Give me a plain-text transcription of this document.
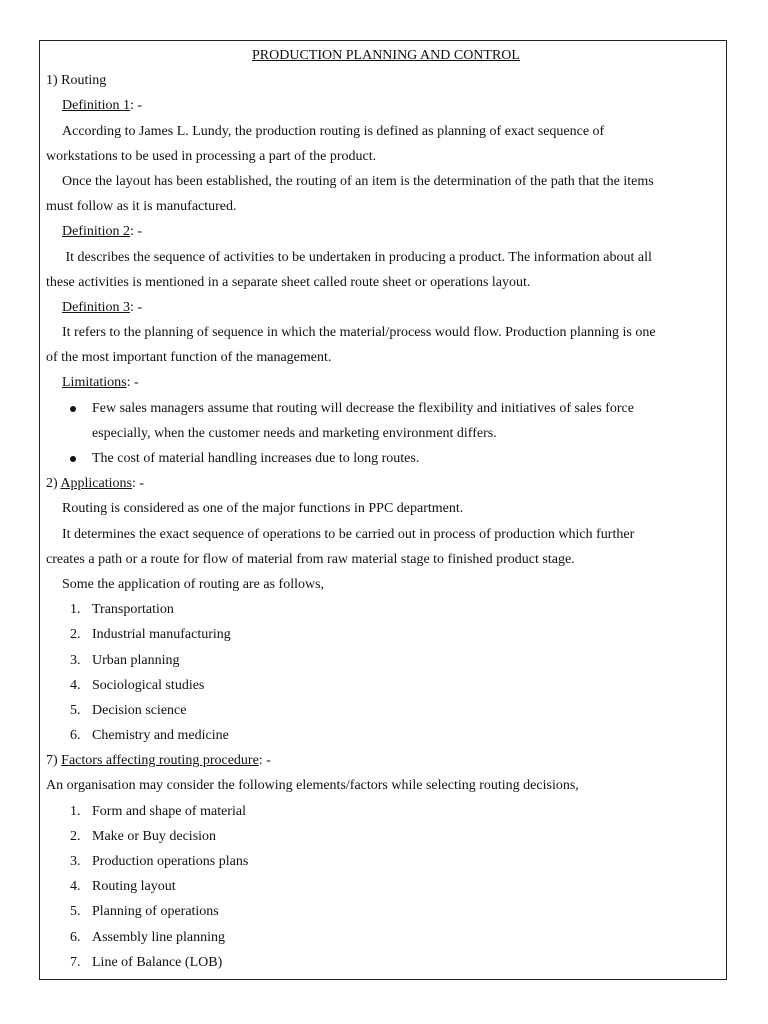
PRODUCTION PLANNING AND CONTROL
1) Routing
Definition 1: -
According to James L. Lundy, the production routing is defined as planning of exact sequence of
workstations to be used in processing a part of the product.
Once the layout has been established, the routing of an item is the determination of the path that the items
must follow as it is manufactured.
Definition 2: -
It describes the sequence of activities to be undertaken in producing a product. The information about all
these activities is mentioned in a separate sheet called route sheet or operations layout.
Definition 3: -
It refers to the planning of sequence in which the material/process would flow. Production planning is one
of the most important function of the management.
Limitations: -
Few sales managers assume that routing will decrease the flexibility and initiatives of sales force
especially, when the customer needs and marketing environment differs.
The cost of material handling increases due to long routes.
2) Applications: -
Routing is considered as one of the major functions in PPC department.
It determines the exact sequence of operations to be carried out in process of production which further
creates a path or a route for flow of material from raw material stage to finished product stage.
Some the application of routing are as follows,
1. Transportation
2. Industrial manufacturing
3. Urban planning
4. Sociological studies
5. Decision science
6. Chemistry and medicine
7) Factors affecting routing procedure: -
An organisation may consider the following elements/factors while selecting routing decisions,
1. Form and shape of material
2. Make or Buy decision
3. Production operations plans
4. Routing layout
5. Planning of operations
6. Assembly line planning
7. Line of Balance (LOB)
